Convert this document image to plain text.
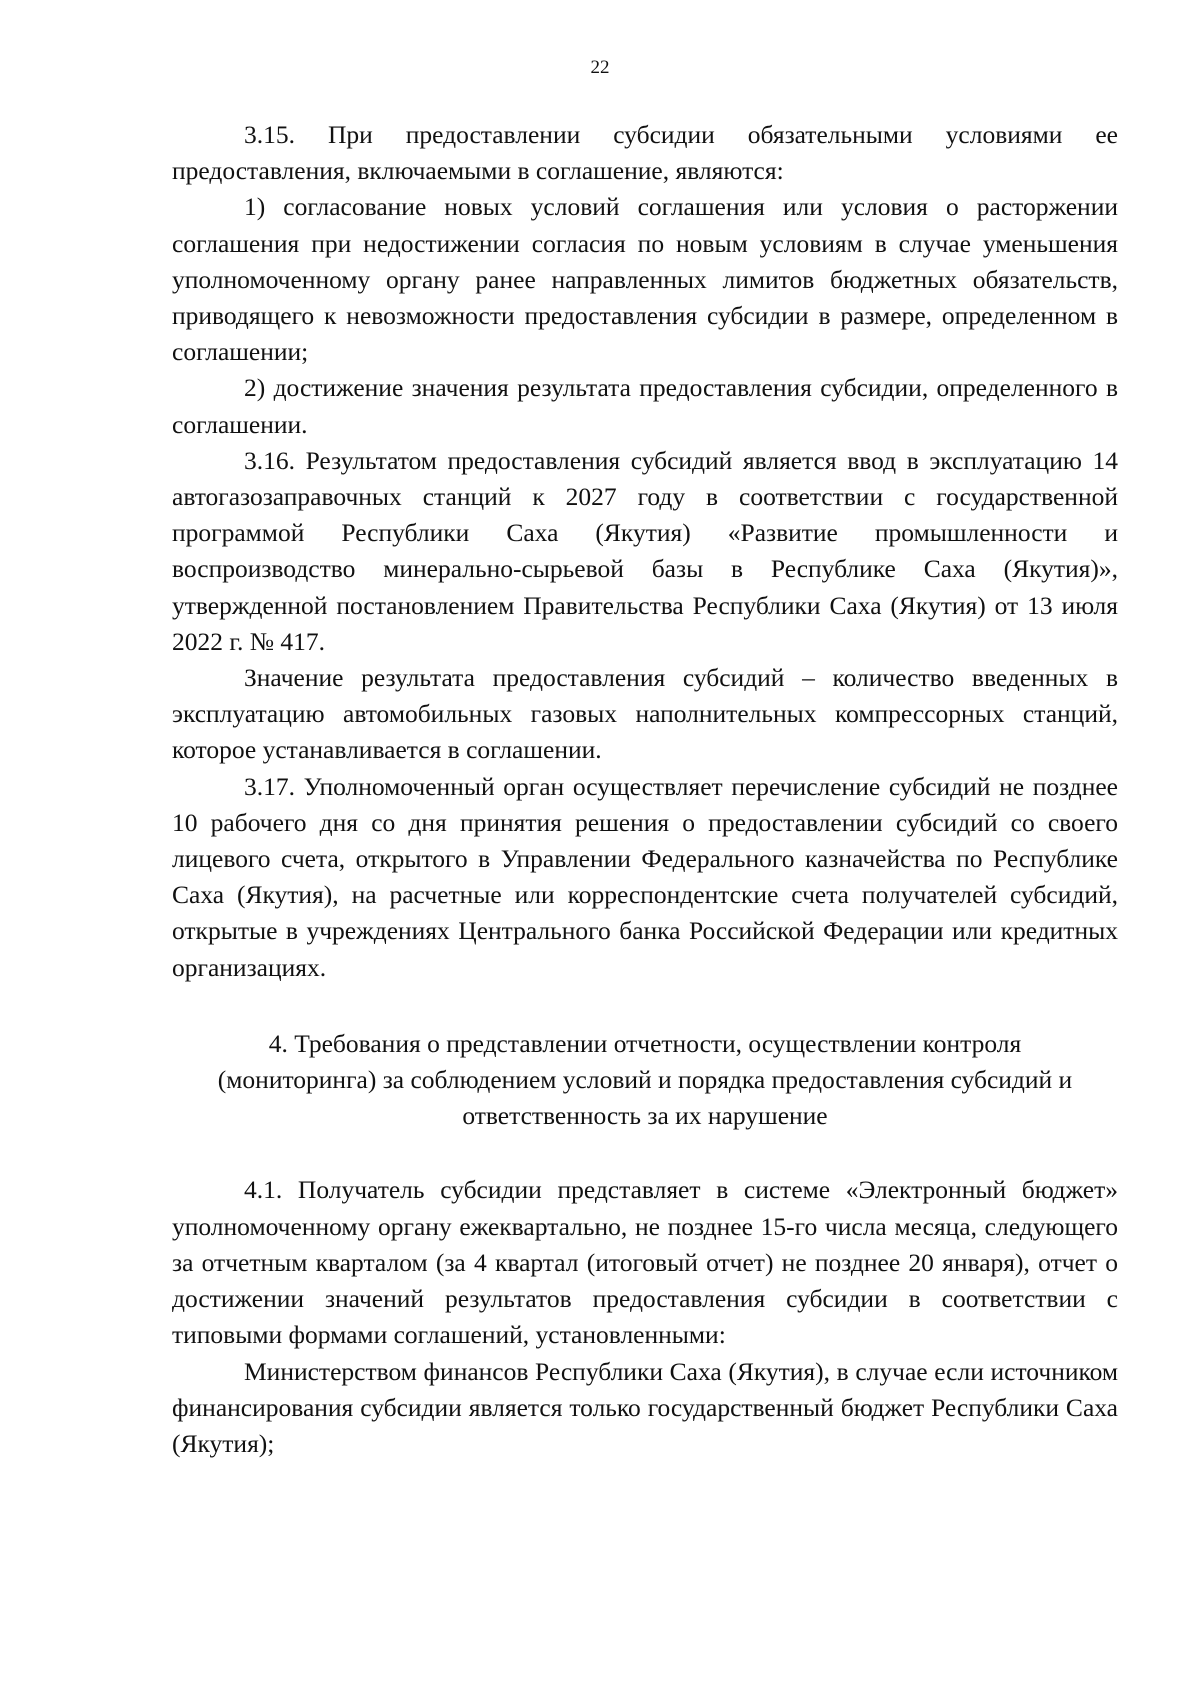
22

3.15. При предоставлении субсидии обязательными условиями ее предоставления, включаемыми в соглашение, являются:

1) согласование новых условий соглашения или условия о расторжении соглашения при недостижении согласия по новым условиям в случае уменьшения уполномоченному органу ранее направленных лимитов бюджетных обязательств, приводящего к невозможности предоставления субсидии в размере, определенном в соглашении;

2) достижение значения результата предоставления субсидии, определенного в соглашении.

3.16. Результатом предоставления субсидий является ввод в эксплуатацию 14 автогазозаправочных станций к 2027 году в соответствии с государственной программой Республики Саха (Якутия) «Развитие промышленности и воспроизводство минерально-сырьевой базы в Республике Саха (Якутия)», утвержденной постановлением Правительства Республики Саха (Якутия) от 13 июля 2022 г. № 417.

Значение результата предоставления субсидий – количество введенных в эксплуатацию автомобильных газовых наполнительных компрессорных станций, которое устанавливается в соглашении.

3.17. Уполномоченный орган осуществляет перечисление субсидий не позднее 10 рабочего дня со дня принятия решения о предоставлении субсидий со своего лицевого счета, открытого в Управлении Федерального казначейства по Республике Саха (Якутия), на расчетные или корреспондентские счета получателей субсидий, открытые в учреждениях Центрального банка Российской Федерации или кредитных организациях.

4. Требования о представлении отчетности, осуществлении контроля (мониторинга) за соблюдением условий и порядка предоставления субсидий и ответственность за их нарушение

4.1. Получатель субсидии представляет в системе «Электронный бюджет» уполномоченному органу ежеквартально, не позднее 15-го числа месяца, следующего за отчетным кварталом (за 4 квартал (итоговый отчет) не позднее 20 января), отчет о достижении значений результатов предоставления субсидии в соответствии с типовыми формами соглашений, установленными:

Министерством финансов Республики Саха (Якутия), в случае если источником финансирования субсидии является только государственный бюджет Республики Саха (Якутия);
